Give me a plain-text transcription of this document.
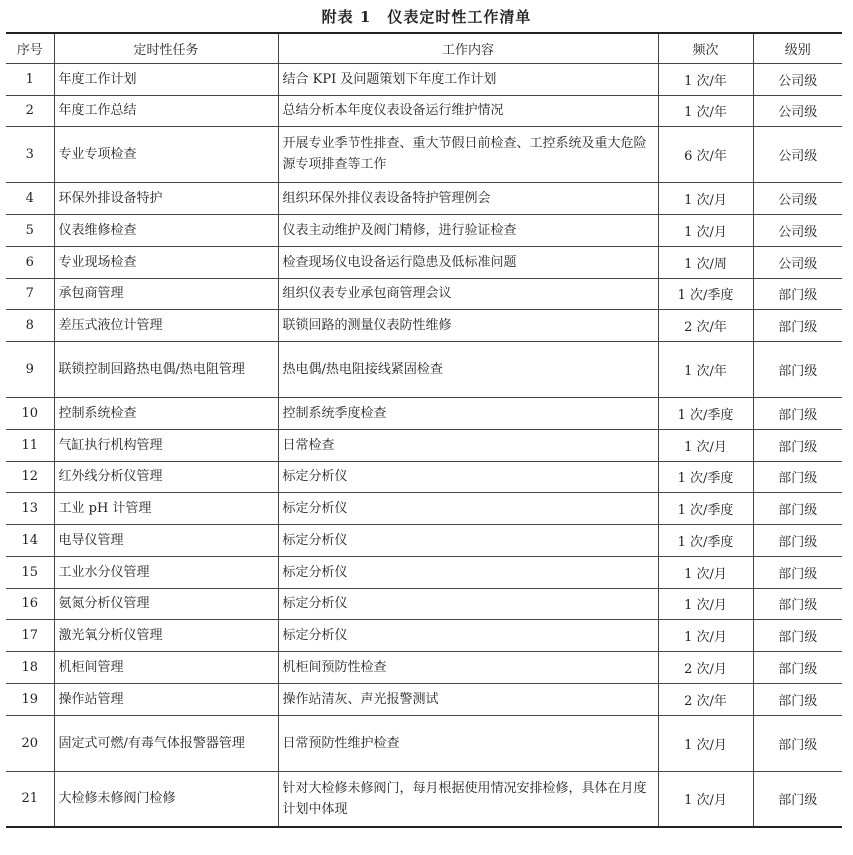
附表 1　仪表定时性工作清单
序号	定时性任务	工作内容	频次	级别
1	年度工作计划	结合 KPI 及问题策划下年度工作计划	1 次/年	公司级
2	年度工作总结	总结分析本年度仪表设备运行维护情况	1 次/年	公司级
3	专业专项检查	开展专业季节性排查、重大节假日前检查、工控系统及重大危险源专项排查等工作	6 次/年	公司级
4	环保外排设备特护	组织环保外排仪表设备特护管理例会	1 次/月	公司级
5	仪表维修检查	仪表主动维护及阀门精修，进行验证检查	1 次/月	公司级
6	专业现场检查	检查现场仪电设备运行隐患及低标准问题	1 次/周	公司级
7	承包商管理	组织仪表专业承包商管理会议	1 次/季度	部门级
8	差压式液位计管理	联锁回路的测量仪表防性维修	2 次/年	部门级
9	联锁控制回路热电偶/热电阻管理	热电偶/热电阻接线紧固检查	1 次/年	部门级
10	控制系统检查	控制系统季度检查	1 次/季度	部门级
11	气缸执行机构管理	日常检查	1 次/月	部门级
12	红外线分析仪管理	标定分析仪	1 次/季度	部门级
13	工业 pH 计管理	标定分析仪	1 次/季度	部门级
14	电导仪管理	标定分析仪	1 次/季度	部门级
15	工业水分仪管理	标定分析仪	1 次/月	部门级
16	氨氮分析仪管理	标定分析仪	1 次/月	部门级
17	激光氧分析仪管理	标定分析仪	1 次/月	部门级
18	机柜间管理	机柜间预防性检查	2 次/月	部门级
19	操作站管理	操作站清灰、声光报警测试	2 次/年	部门级
20	固定式可燃/有毒气体报警器管理	日常预防性维护检查	1 次/月	部门级
21	大检修未修阀门检修	针对大检修未修阀门，每月根据使用情况安排检修，具体在月度计划中体现	1 次/月	部门级
